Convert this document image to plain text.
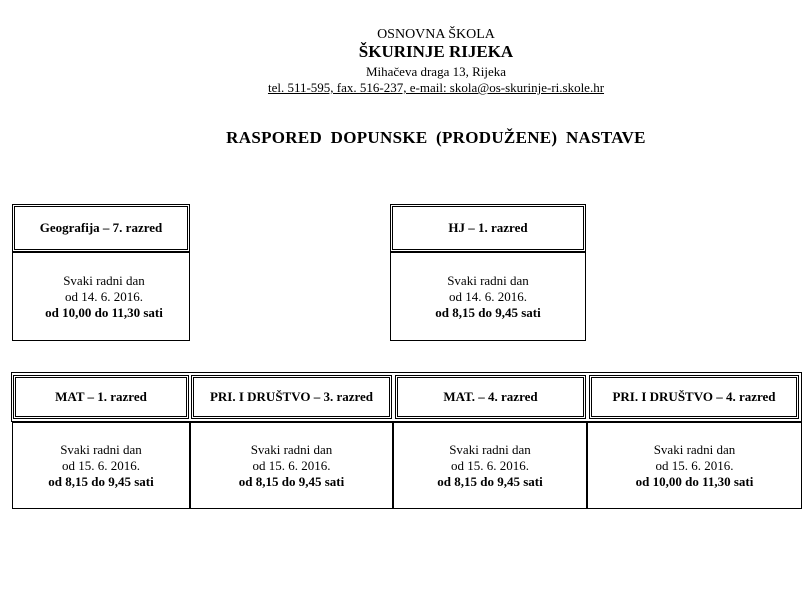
OSNOVNA ŠKOLA
ŠKURINJE RIJEKA
Mihačeva draga 13, Rijeka
tel. 511-595, fax. 516-237, e-mail: skola@os-skurinje-ri.skole.hr
RASPORED DOPUNSKE (PRODUŽENE) NASTAVE
Geografija – 7. razred
Svaki radni dan
od 14. 6. 2016.
od 10,00 do 11,30 sati
HJ – 1. razred
Svaki radni dan
od 14. 6. 2016.
od 8,15 do 9,45 sati
MAT – 1. razred
Svaki radni dan
od 15. 6. 2016.
od 8,15 do 9,45 sati
PRI. I DRUŠTVO – 3. razred
Svaki radni dan
od 15. 6. 2016.
od 8,15 do 9,45 sati
MAT. – 4. razred
Svaki radni dan
od 15. 6. 2016.
od 8,15 do 9,45 sati
PRI. I DRUŠTVO – 4. razred
Svaki radni dan
od 15. 6. 2016.
od 10,00 do 11,30 sati
